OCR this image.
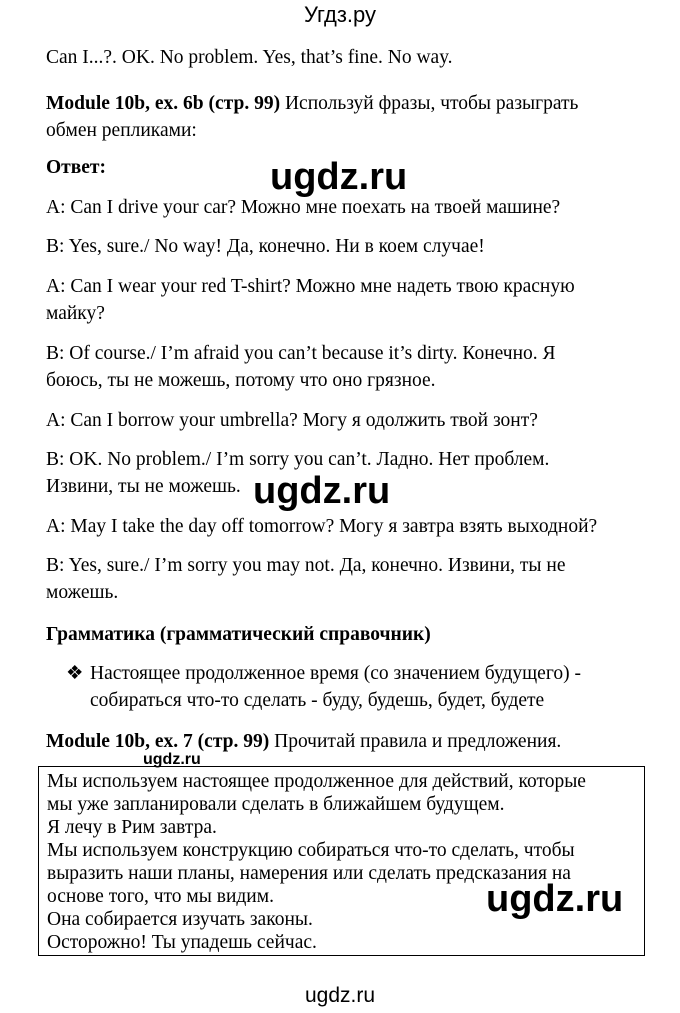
Угдз.ру
Can I...?. OK. No problem. Yes, that’s fine. No way.
Module 10b, ex. 6b (стр. 99) Используй фразы, чтобы разыграть
обмен репликами:
Ответ:	ugdz.ru
A: Can I drive your car? Можно мне поехать на твоей машине?
B: Yes, sure./ No way! Да, конечно. Ни в коем случае!
A: Can I wear your red T-shirt? Можно мне надеть твою красную
майку?
B: Of course./ I’m afraid you can’t because it’s dirty. Конечно. Я
боюсь, ты не можешь, потому что оно грязное.
A: Can I borrow your umbrella? Могу я одолжить твой зонт?
B: OK. No problem./ I’m sorry you can’t. Ладно. Нет проблем.
Извини, ты не можешь. ugdz.ru
A: May I take the day off tomorrow? Могу я завтра взять выходной?
B: Yes, sure./ I’m sorry you may not. Да, конечно. Извини, ты не
можешь.
Грамматика (грамматический справочник)
❖ Настоящее продолженное время (со значением будущего) -
собираться что-то сделать - буду, будешь, будет, будете
Module 10b, ex. 7 (стр. 99) Прочитай правила и предложения.
ugdz.ru
Мы используем настоящее продолженное для действий, которые
мы уже запланировали сделать в ближайшем будущем.
Я лечу в Рим завтра.
Мы используем конструкцию собираться что-то сделать, чтобы
выразить наши планы, намерения или сделать предсказания на
основе того, что мы видим.
Она собирается изучать законы.
Осторожно! Ты упадешь сейчас.
ugdz.ru
ugdz.ru
